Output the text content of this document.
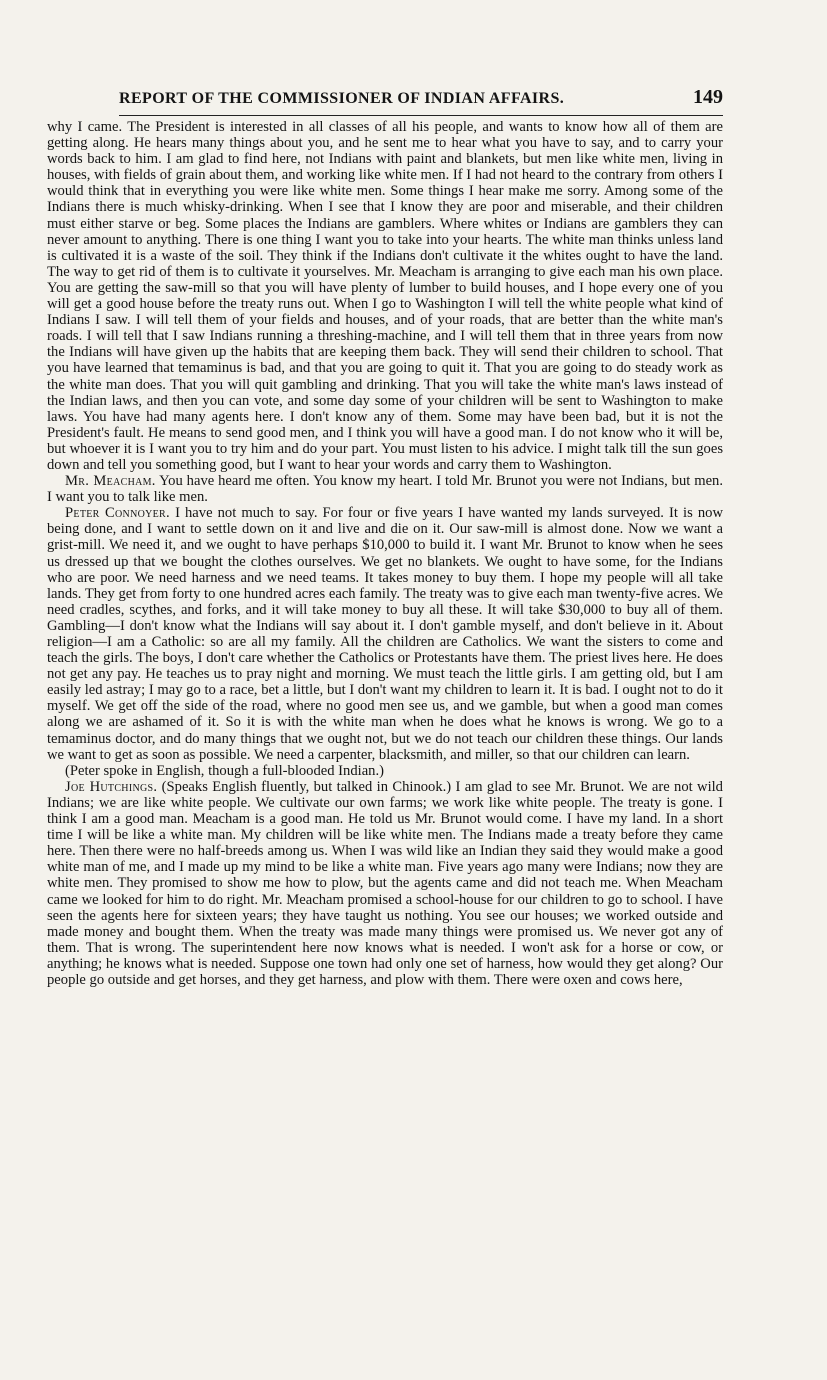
REPORT OF THE COMMISSIONER OF INDIAN AFFAIRS.	149

why I came. The President is interested in all classes of all his people, and wants to know how all of them are getting along. He hears many things about you, and he sent me to hear what you have to say, and to carry your words back to him. I am glad to find here, not Indians with paint and blankets, but men like white men, living in houses, with fields of grain about them, and working like white men. If I had not heard to the contrary from others I would think that in everything you were like white men. Some things I hear make me sorry. Among some of the Indians there is much whisky-drinking. When I see that I know they are poor and miserable, and their children must either starve or beg. Some places the Indians are gamblers. Where whites or Indians are gamblers they can never amount to anything. There is one thing I want you to take into your hearts. The white man thinks unless land is cultivated it is a waste of the soil. They think if the Indians don't cultivate it the whites ought to have the land. The way to get rid of them is to cultivate it yourselves. Mr. Meacham is arranging to give each man his own place. You are getting the saw-mill so that you will have plenty of lumber to build houses, and I hope every one of you will get a good house before the treaty runs out. When I go to Washington I will tell the white people what kind of Indians I saw. I will tell them of your fields and houses, and of your roads, that are better than the white man's roads. I will tell that I saw Indians running a threshing-machine, and I will tell them that in three years from now the Indians will have given up the habits that are keeping them back. They will send their children to school. That you have learned that temaminus is bad, and that you are going to quit it. That you are going to do steady work as the white man does. That you will quit gambling and drinking. That you will take the white man's laws instead of the Indian laws, and then you can vote, and some day some of your children will be sent to Washington to make laws. You have had many agents here. I don't know any of them. Some may have been bad, but it is not the President's fault. He means to send good men, and I think you will have a good man. I do not know who it will be, but whoever it is I want you to try him and do your part. You must listen to his advice. I might talk till the sun goes down and tell you something good, but I want to hear your words and carry them to Washington.

Mr. Meacham. You have heard me often. You know my heart. I told Mr. Brunot you were not Indians, but men. I want you to talk like men.

Peter Connoyer. I have not much to say. For four or five years I have wanted my lands surveyed. It is now being done, and I want to settle down on it and live and die on it. Our saw-mill is almost done. Now we want a grist-mill. We need it, and we ought to have perhaps $10,000 to build it. I want Mr. Brunot to know when he sees us dressed up that we bought the clothes ourselves. We get no blankets. We ought to have some, for the Indians who are poor. We need harness and we need teams. It takes money to buy them. I hope my people will all take lands. They get from forty to one hundred acres each family. The treaty was to give each man twenty-five acres. We need cradles, scythes, and forks, and it will take money to buy all these. It will take $30,000 to buy all of them. Gambling—I don't know what the Indians will say about it. I don't gamble myself, and don't believe in it. About religion—I am a Catholic: so are all my family. All the children are Catholics. We want the sisters to come and teach the girls. The boys, I don't care whether the Catholics or Protestants have them. The priest lives here. He does not get any pay. He teaches us to pray night and morning. We must teach the little girls. I am getting old, but I am easily led astray; I may go to a race, bet a little, but I don't want my children to learn it. It is bad. I ought not to do it myself. We get off the side of the road, where no good men see us, and we gamble, but when a good man comes along we are ashamed of it. So it is with the white man when he does what he knows is wrong. We go to a temaminus doctor, and do many things that we ought not, but we do not teach our children these things. Our lands we want to get as soon as possible. We need a carpenter, blacksmith, and miller, so that our children can learn.

(Peter spoke in English, though a full-blooded Indian.)

Joe Hutchings. (Speaks English fluently, but talked in Chinook.) I am glad to see Mr. Brunot. We are not wild Indians; we are like white people. We cultivate our own farms; we work like white people. The treaty is gone. I think I am a good man. Meacham is a good man. He told us Mr. Brunot would come. I have my land. In a short time I will be like a white man. My children will be like white men. The Indians made a treaty before they came here. Then there were no half-breeds among us. When I was wild like an Indian they said they would make a good white man of me, and I made up my mind to be like a white man. Five years ago many were Indians; now they are white men. They promised to show me how to plow, but the agents came and did not teach me. When Meacham came we looked for him to do right. Mr. Meacham promised a school-house for our children to go to school. I have seen the agents here for sixteen years; they have taught us nothing. You see our houses; we worked outside and made money and bought them. When the treaty was made many things were promised us. We never got any of them. That is wrong. The superintendent here now knows what is needed. I won't ask for a horse or cow, or anything; he knows what is needed. Suppose one town had only one set of harness, how would they get along? Our people go outside and get horses, and they get harness, and plow with them. There were oxen and cows here,
